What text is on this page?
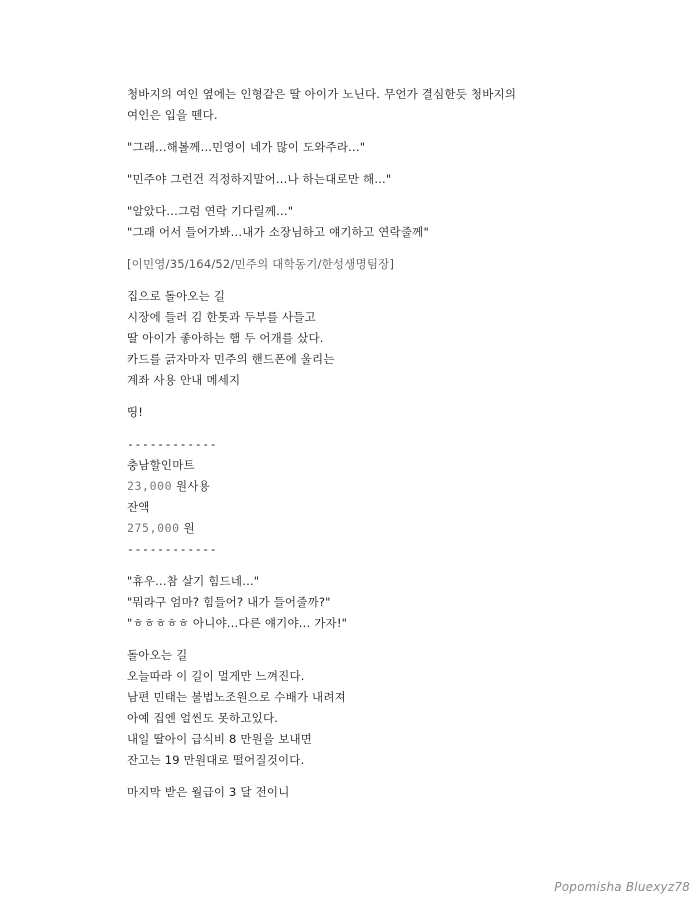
청바지의 여인 옆에는 인형같은 딸 아이가 노닌다. 무언가 결심한듯 청바지의
여인은 입을 뗀다.
"그래...해볼께...민영이 네가 많이 도와주라..."
"민주야 그런건 걱정하지말어...나 하는대로만 해..."
"알았다...그럼 연락 기다릴께..."
"그래 어서 들어가봐...내가 소장님하고 얘기하고 연락줄께"
[이민영/35/164/52/민주의 대학동기/한성생명팀장]
집으로 돌아오는 길
시장에 들러 김 한톳과 두부를 사들고
딸 아이가 좋아하는 햄 두 어개를 샀다.
카드를 긁자마자 민주의 핸드폰에 울리는
계좌 사용 안내 메세지
띵!
------------
충남할인마트
23,000 원사용
잔액
275,000 원
------------
"휴우...참 살기 힘드네..."
"뭐라구 엄마? 힘들어? 내가 들어줄까?"
"ㅎㅎㅎㅎㅎ 아니야...다른 얘기야... 가자!"
돌아오는 길
오늘따라 이 길이 멀게만 느껴진다.
남편 민태는 불법노조원으로 수배가 내려져
아예 집엔 얼씬도 못하고있다.
내일 딸아이 급식비 8 만원을 보내면
잔고는 19 만원대로 떨어질것이다.
마지막 받은 월급이 3 달 전이니
Popomisha Bluexyz78
